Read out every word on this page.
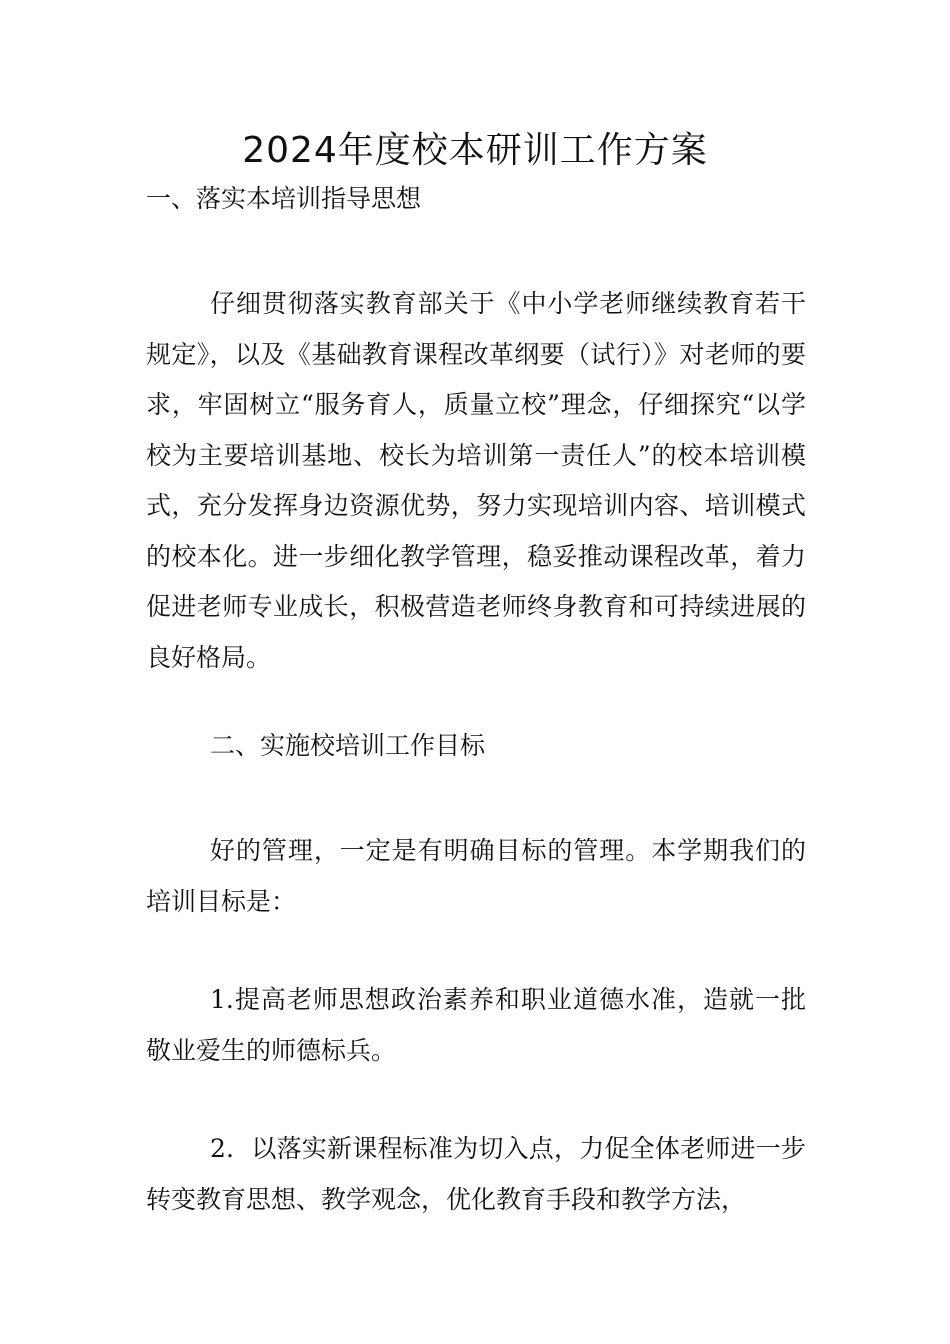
2024年度校本研训工作方案
一、落实本培训指导思想

仔细贯彻落实教育部关于《中小学老师继续教育若干规定》，以及《基础教育课程改革纲要（试行）》对老师的要求，牢固树立“服务育人，质量立校”理念，仔细探究“以学校为主要培训基地、校长为培训第一责任人”的校本培训模式，充分发挥身边资源优势，努力实现培训内容、培训模式的校本化。进一步细化教学管理，稳妥推动课程改革，着力促进老师专业成长，积极营造老师终身教育和可持续进展的良好格局。

二、实施校培训工作目标

好的管理，一定是有明确目标的管理。本学期我们的培训目标是：

1.提高老师思想政治素养和职业道德水准，造就一批敬业爱生的师德标兵。

2．以落实新课程标准为切入点，力促全体老师进一步转变教育思想、教学观念，优化教育手段和教学方法，
